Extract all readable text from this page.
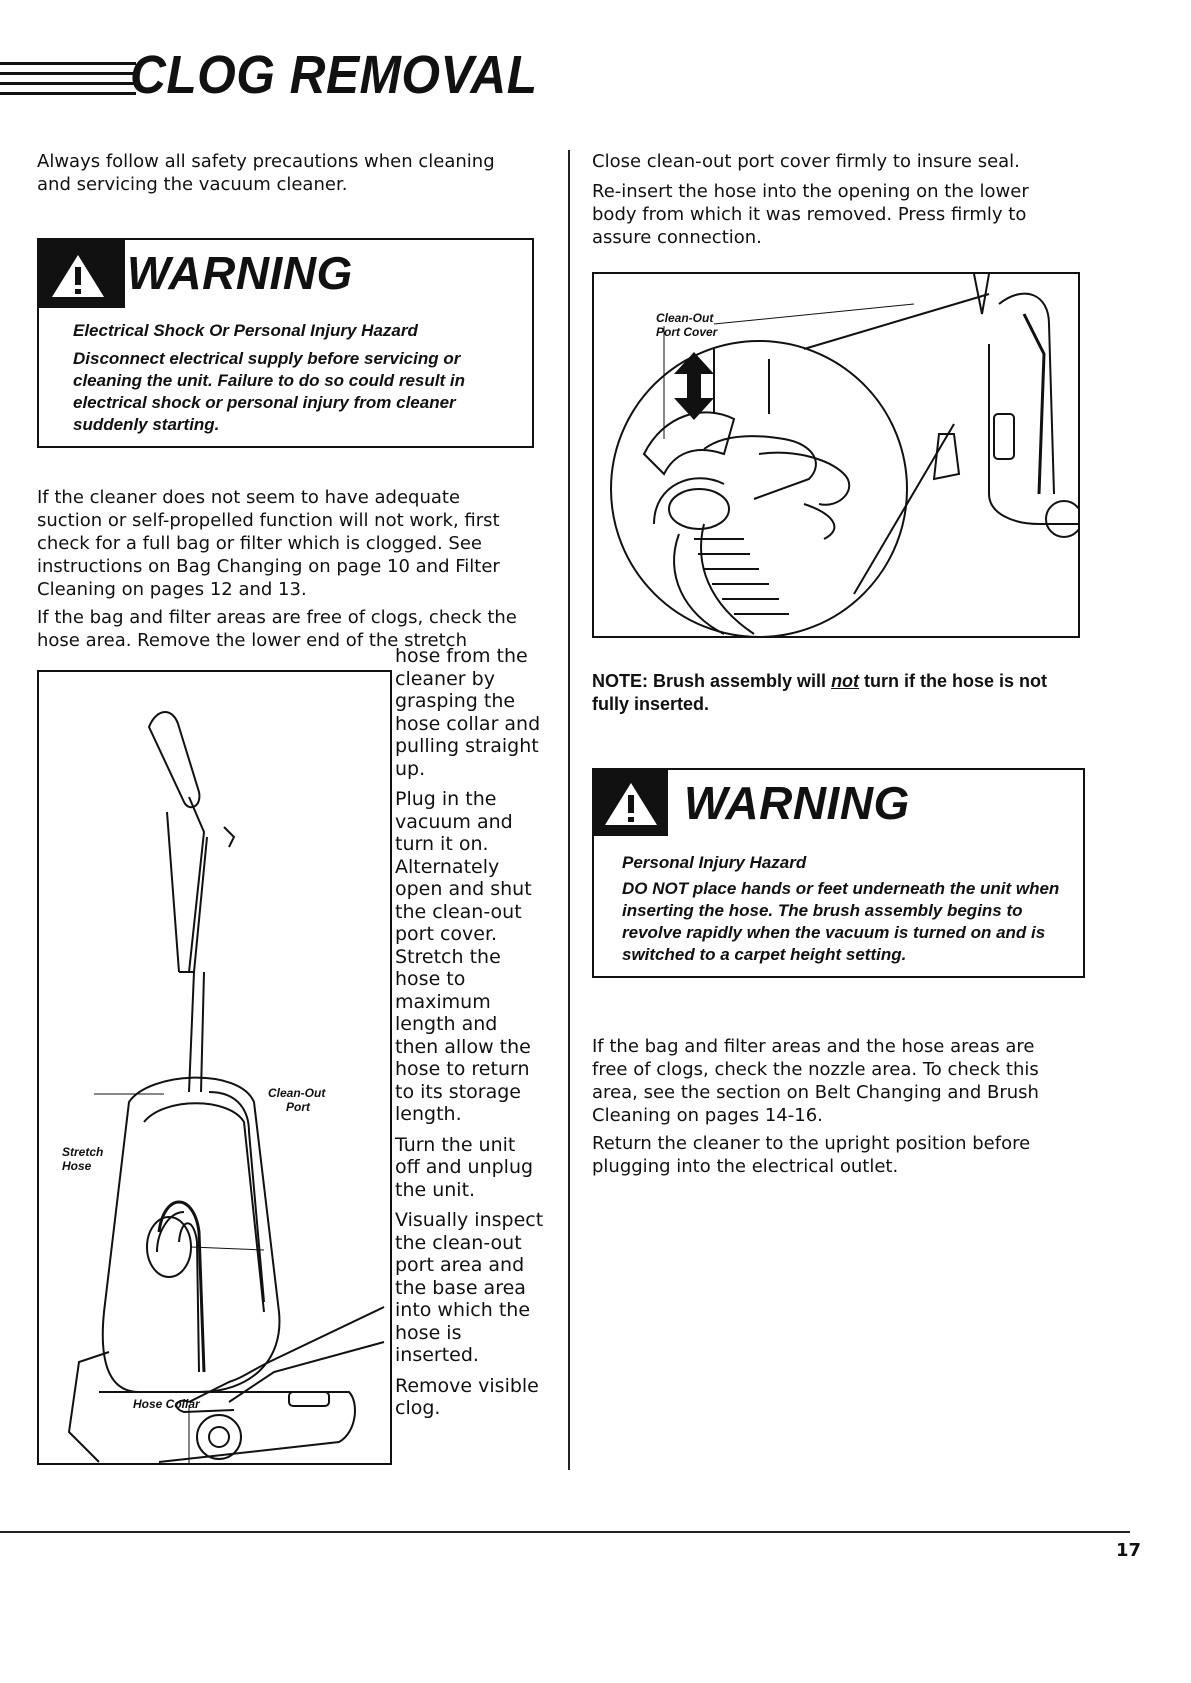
CLOG REMOVAL

Always follow all safety precautions when cleaning and servicing the vacuum cleaner.

WARNING

Electrical Shock Or Personal Injury Hazard

Disconnect electrical supply before servicing or cleaning the unit. Failure to do so could result in electrical shock or personal injury from cleaner suddenly starting.

If the cleaner does not seem to have adequate suction or self-propelled function will not work, first check for a full bag or filter which is clogged. See instructions on Bag Changing on page 10 and Filter Cleaning on pages 12 and 13.

If the bag and filter areas are free of clogs, check the hose area. Remove the lower end of the stretch

Clean-Out

Port

Stretch

Hose

Hose Collar

hose from the cleaner by grasping the hose collar and pulling straight up.

Plug in the vacuum and turn it on. Alternately open and shut the clean-out port cover. Stretch the hose to maximum length and then allow the hose to return to its storage length.

Turn the unit off and unplug the unit.

Visually inspect the clean-out port area and the base area into which the hose is inserted.

Remove visible clog.

Close clean-out port cover firmly to insure seal.

Re-insert the hose into the opening on the lower body from which it was removed. Press firmly to assure connection.

Clean-Out

Port Cover

NOTE: Brush assembly will not turn if the hose is not fully inserted.

WARNING

Personal Injury Hazard

DO NOT place hands or feet underneath the unit when inserting the hose. The brush assembly begins to revolve rapidly when the vacuum is turned on and is switched to a carpet height setting.

If the bag and filter areas and the hose areas are free of clogs, check the nozzle area. To check this area, see the section on Belt Changing and Brush Cleaning on pages 14-16.

Return the cleaner to the upright position before plugging into the electrical outlet.

17
